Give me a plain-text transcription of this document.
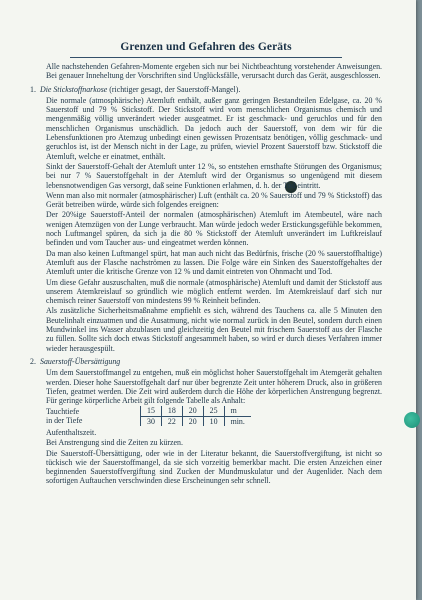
Grenzen und Gefahren des Geräts

Alle nachstehenden Gefahren-Momente ergeben sich nur bei Nichtbeachtung vorstehender Anweisungen. Bei genauer Inneheltung der Vorschriften sind Unglücksfälle, verursacht durch das Gerät, ausgeschlossen.

1. Die Stickstoffnarkose (richtiger gesagt, der Sauerstoff-Mangel).

Die normale (atmosphärische) Atemluft enthält, außer ganz geringen Bestandteilen Edelgase, ca. 20 % Sauerstoff und 79 % Stickstoff. Der Stickstoff wird vom menschlichen Organismus chemisch und mengenmäßig völlig unverändert wieder ausgeatmet. Er ist geschmack- und geruchlos und für den menschlichen Organismus unschädlich. Da jedoch auch der Sauerstoff, von dem wir für die Lebensfunktionen pro Atemzug unbedingt einen gewissen Prozentsatz benötigen, völlig geschmack- und geruchlos ist, ist der Mensch nicht in der Lage, zu prüfen, wieviel Prozent Sauerstoff bzw. Stickstoff die Atemluft, welche er einatmet, enthält.

Sinkt der Sauerstoff-Gehalt der Atemluft unter 12 %, so entstehen ernsthafte Störungen des Organismus; bei nur 7 % Sauerstoffgehalt in der Atemluft wird der Organismus so ungenügend mit diesem lebensnotwendigen Gas versorgt, daß seine Funktionen erlahmen, d. h. der Tod eintritt.

Wenn man also mit normaler (atmosphärischer) Luft (enthält ca. 20 % Sauerstoff und 79 % Stickstoff) das Gerät betreiben würde, würde sich folgendes ereignen:

Der 20%ige Sauerstoff-Anteil der normalen (atmosphärischen) Atemluft im Atembeutel, wäre nach wenigen Atemzügen von der Lunge verbraucht. Man würde jedoch weder Erstickungsgefühle bekommen, noch Luftmangel spüren, da sich ja die 80 % Stickstoff der Atemluft unverändert im Luftkreislauf befinden und vom Taucher aus- und eingeatmet werden können.

Da man also keinen Luftmangel spürt, hat man auch nicht das Bedürfnis, frische (20 % sauerstoffhaltige) Atemluft aus der Flasche nachströmen zu lassen. Die Folge wäre ein Sinken des Sauerstoffgehaltes der Atemluft unter die kritische Grenze von 12 % und damit eintreten von Ohnmacht und Tod.

Um diese Gefahr auszuschalten, muß die normale (atmosphärische) Atemluft und damit der Stickstoff aus unserem Atemkreislauf so gründlich wie möglich entfernt werden. Im Atemkreislauf darf sich nur chemisch reiner Sauerstoff von mindestens 99 % Reinheit befinden.

Als zusätzliche Sicherheitsmaßnahme empfiehlt es sich, während des Tauchens ca. alle 5 Minuten den Beutelinhalt einzuatmen und die Ausatmung, nicht wie normal zurück in den Beutel, sondern durch einen Mundwinkel ins Wasser abzublasen und gleichzeitig den Beutel mit frischem Sauerstoff aus der Flasche zu füllen. Sollte sich doch etwas Stickstoff angesammelt haben, so wird er durch dieses Verfahren immer wieder herausgespült.

2. Sauerstoff-Übersättigung

Um dem Sauerstoffmangel zu entgehen, muß ein möglichst hoher Sauerstoffgehalt im Atemgerät gehalten werden. Dieser hohe Sauerstoffgehalt darf nur über begrenzte Zeit unter höherem Druck, also in größeren Tiefen, geatmet werden. Die Zeit wird außerdem durch die Höhe der körperlichen Anstrengung begrenzt. Für geringe körperliche Arbeit gilt folgende Tabelle als Anhalt:

Tauchtiefe	15	18	20	25	m
in der Tiefe	30	22	20	10	min.

Aufenthaltszeit.

Bei Anstrengung sind die Zeiten zu kürzen.

Die Sauerstoff-Übersättigung, oder wie in der Literatur bekannt, die Sauerstoffvergiftung, ist nicht so tückisch wie der Sauerstoffmangel, da sie sich vorzeitig bemerkbar macht. Die ersten Anzeichen einer beginnenden Sauerstoffvergiftung sind Zucken der Mundmuskulatur und der Augenlider. Nach dem sofortigen Auftauchen verschwinden diese Erscheinungen sehr schnell.
